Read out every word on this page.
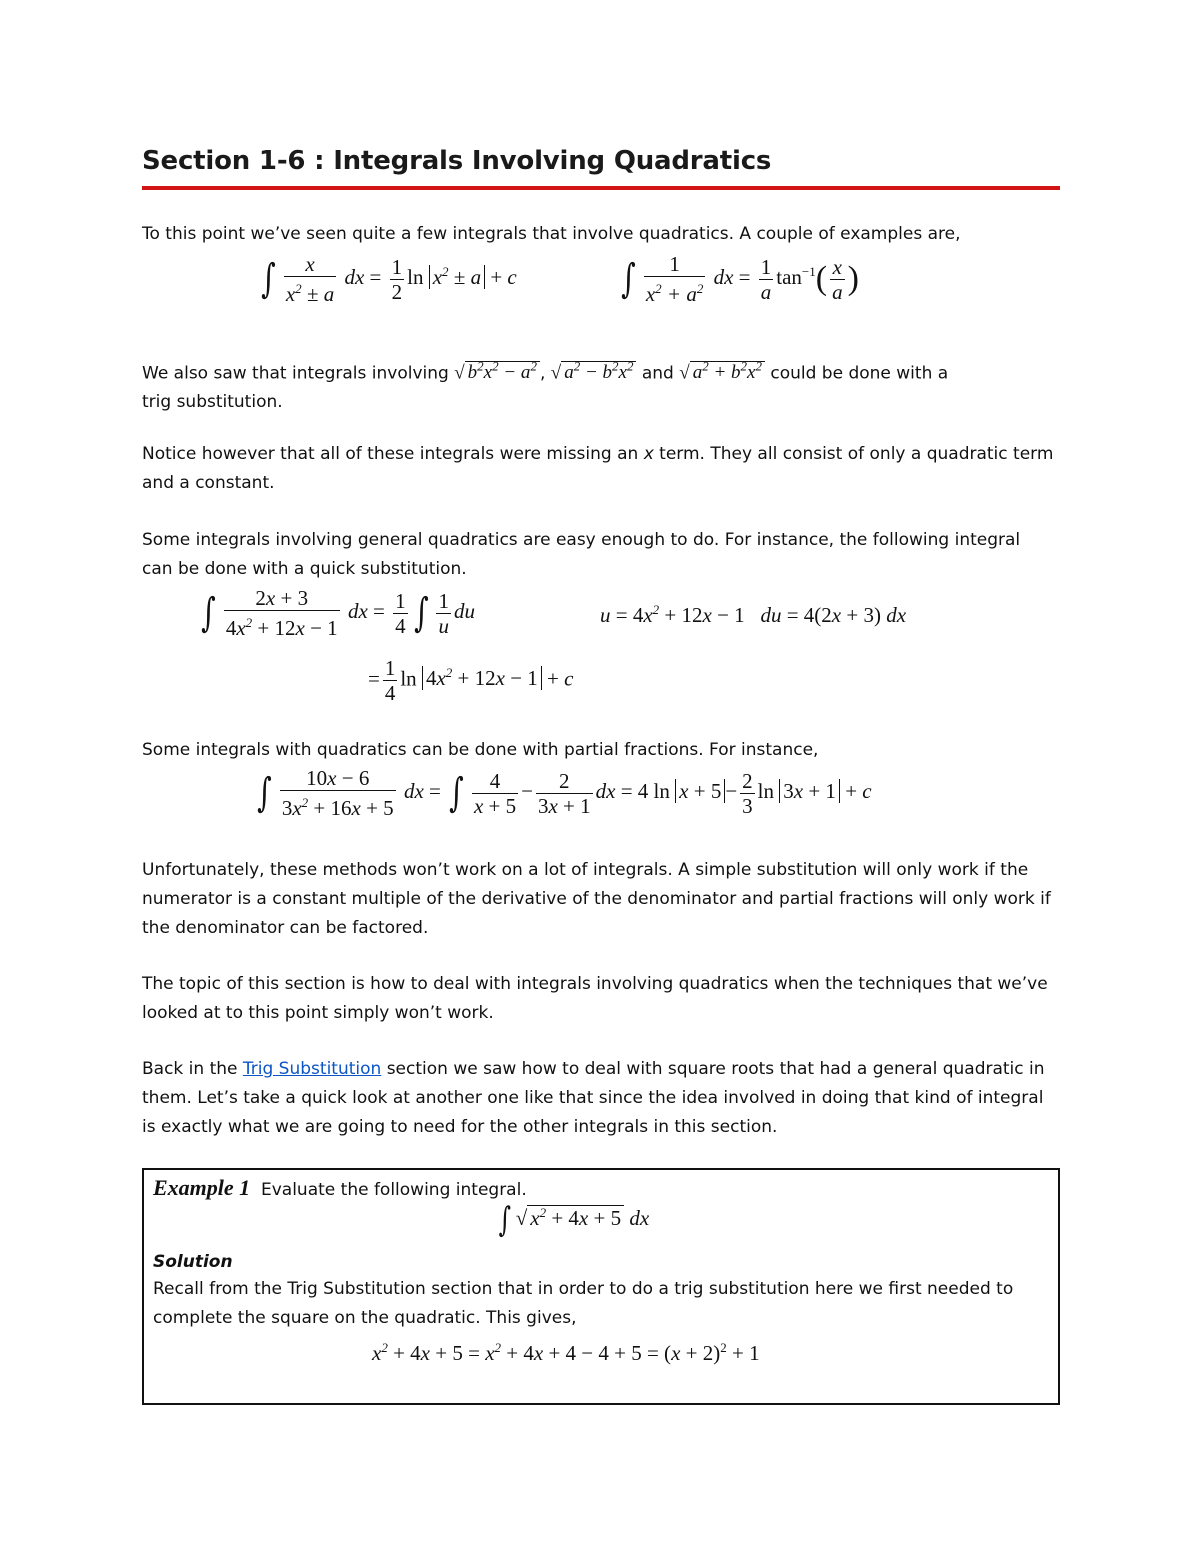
Section 1-6 : Integrals Involving Quadratics
To this point we’ve seen quite a few integrals that involve quadratics. A couple of examples are,
∫ $\frac{x}{x^2 \pm a}$ dx = $\frac{1}{2}$ $\ln x^2 \pm a + c$	∫ $\frac{1}{x^2 + a^2}$ dx = $\frac{1}{a} \tan^{-1}( \frac{x}{a}$ )
We also saw that integrals involving √ $b^2x^2 - a^2$ , √ $a^2 - b^2x^2$ and √ $a^2 + b^2x^2$ could be done with a
trig substitution.
Notice however that all of these integrals were missing an x term. They all consist of only a quadratic term and a constant.
Some integrals involving general quadratics are easy enough to do. For instance, the following integral can be done with a quick substitution.
∫ $\frac{2x + 3}{4x^2 + 12x - 1}$ dx = $\frac{1}{4}$ ∫ $\frac{1}{u}$ du	$u = 4x^2 + 12x - 1$   du = 4(2x + 3) dx
= $\frac{1}{4}$ $\ln 4x^2 + 12x - 1 + c$
Some integrals with quadratics can be done with partial fractions. For instance,
∫ $\frac{10x - 6}{3x^2 + 16x + 5}$ dx = ∫ $\frac{4}{x + 5} - \frac{2}{3x + 1}$ dx = 4 $\ln x + 5 - \frac{2}{3}$ ln 3x + 1 + c
Unfortunately, these methods won’t work on a lot of integrals. A simple substitution will only work if the numerator is a constant multiple of the derivative of the denominator and partial fractions will only work if the denominator can be factored.
The topic of this section is how to deal with integrals involving quadratics when the techniques that we’ve looked at to this point simply won’t work.
Back in the Trig Substitution section we saw how to deal with square roots that had a general quadratic in them. Let’s take a quick look at another one like that since the idea involved in doing that kind of integral is exactly what we are going to need for the other integrals in this section.
Example 1 Evaluate the following integral.
∫ √ $x^2 + 4x + 5$ dx
Solution
Recall from the Trig Substitution section that in order to do a trig substitution here we first needed to complete the square on the quadratic. This gives,
$x^2 + 4x + 5 = x^2 + 4x + 4 - 4 + 5 = (x + 2)^2 + 1$
